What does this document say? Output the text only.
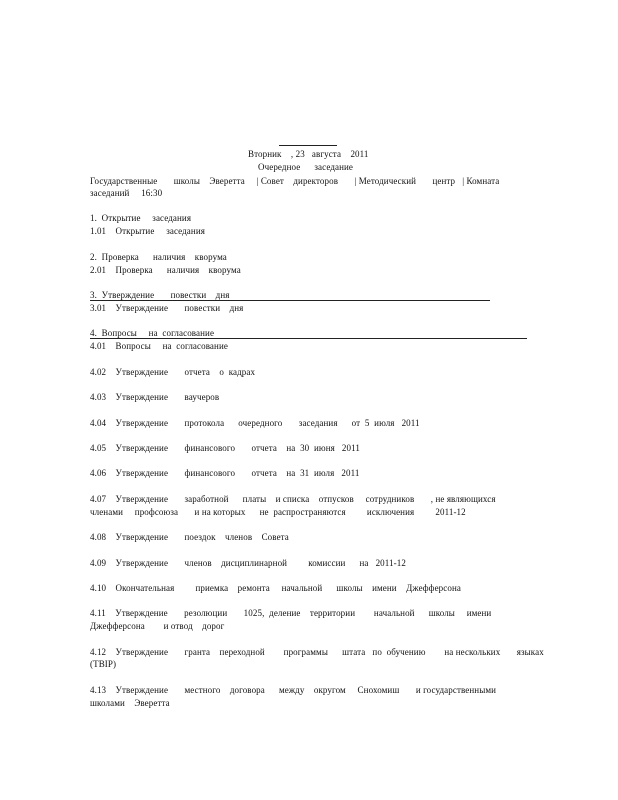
Вторник    , 23   августа    2011
Очередное      заседание
Государственные       школы    Эверетта     | Совет    директоров       | Методический       центр   | Комната
заседаний     16:30
1.  Открытие     заседания
1.01    Открытие     заседания
2.  Проверка      наличия    кворума
2.01    Проверка      наличия    кворума
3.  Утверждение       повестки    дня
3.01    Утверждение       повестки    дня
4.  Вопросы     на  согласование
4.01    Вопросы     на  согласование
4.02    Утверждение       отчета    о  кадрах
4.03    Утверждение       ваучеров
4.04    Утверждение       протокола      очередного       заседания      от  5  июля   2011
4.05    Утверждение       финансового       отчета    на  30  июня   2011
4.06    Утверждение       финансового       отчета    на  31  июля   2011
4.07    Утверждение       заработной      платы    и списка    отпусков     сотрудников       , не являющихся
членами     профсоюза       и на которых      не  распространяются         исключения         2011-12
4.08    Утверждение       поездок    членов    Совета
4.09    Утверждение       членов    дисциплинарной         комиссии      на   2011-12
4.10    Окончательная         приемка    ремонта     начальной      школы    имени    Джефферсона
4.11    Утверждение       резолюции       1025,  деление    территории        начальной      школы     имени
Джефферсона        и отвод    дорог
4.12    Утверждение       гранта    переходной        программы      штата   по  обучению        на нескольких       языках
(TBIP)
4.13    Утверждение       местного    договора      между    округом     Снохомиш       и государственными
школами    Эверетта
